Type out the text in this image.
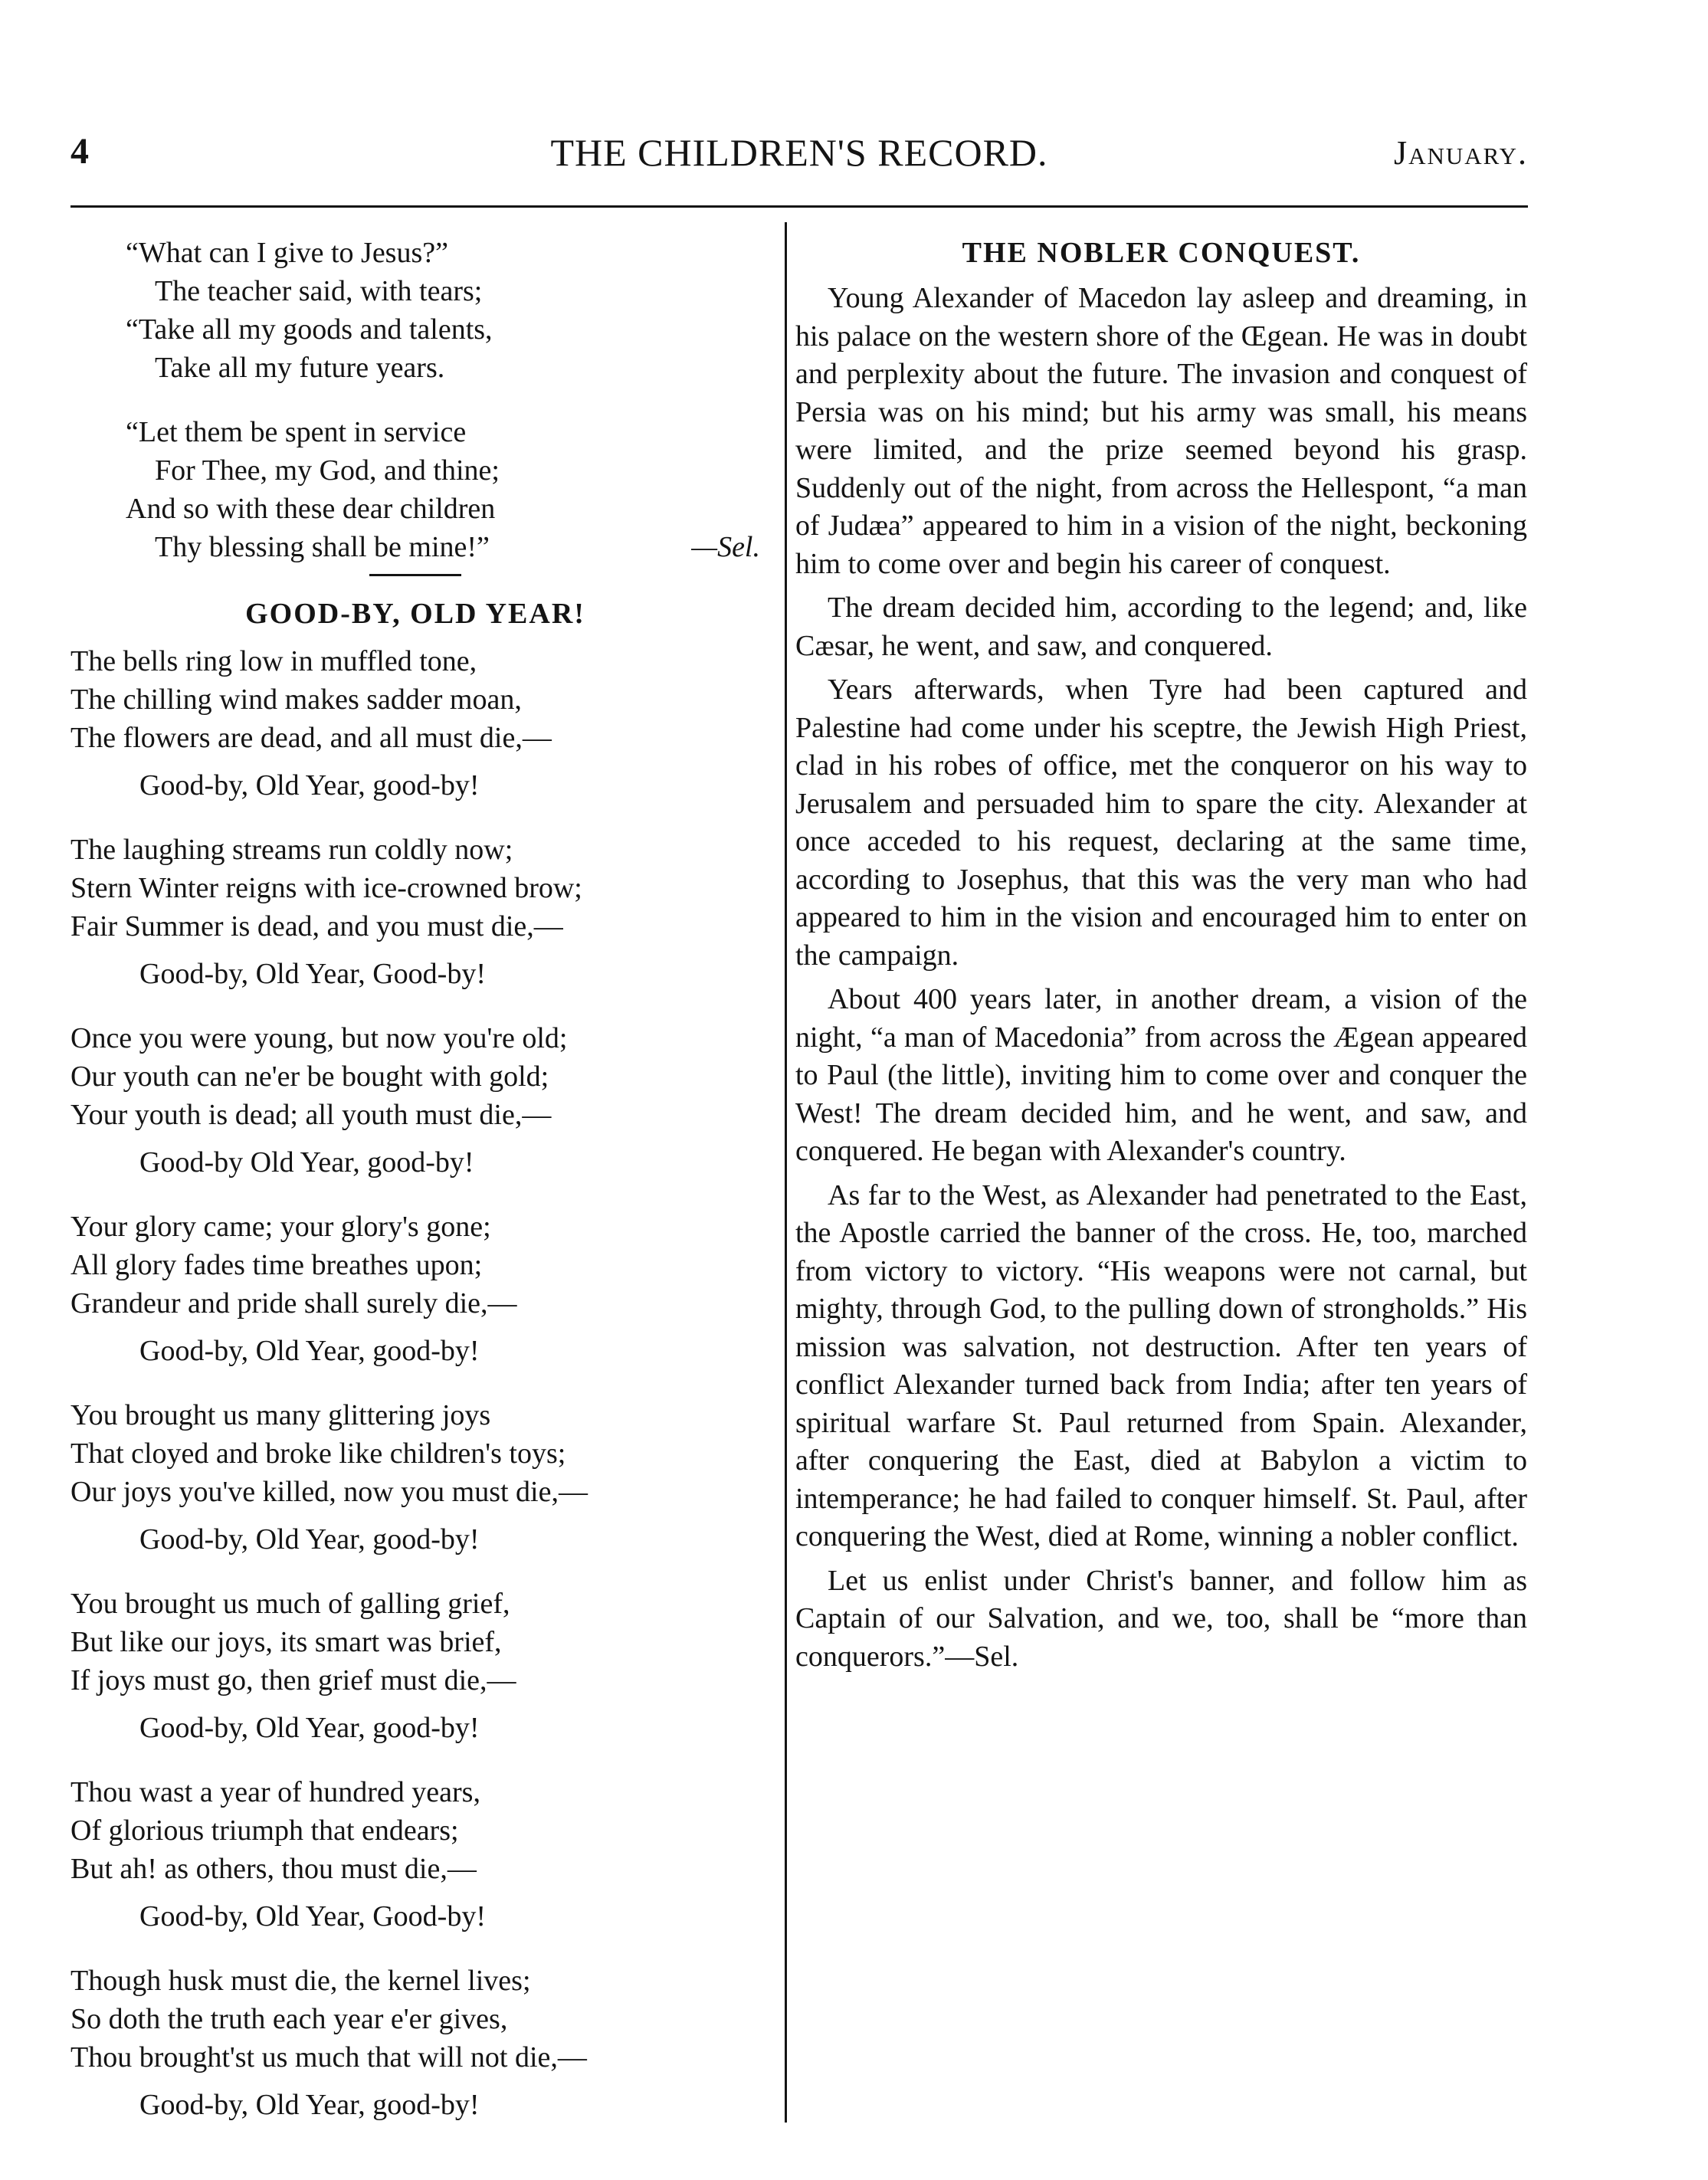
4	THE CHILDREN'S RECORD.	January.
“What can I give to Jesus?”
The teacher said, with tears;
“Take all my goods and talents,
Take all my future years.
“Let them be spent in service
For Thee, my God, and thine;
And so with these dear children
Thy blessing shall be mine!”	—Sel.
GOOD-BY, OLD YEAR!
The bells ring low in muffled tone,
The chilling wind makes sadder moan,
The flowers are dead, and all must die,—
Good-by, Old Year, good-by!
The laughing streams run coldly now;
Stern Winter reigns with ice-crowned brow;
Fair Summer is dead, and you must die,—
Good-by, Old Year, Good-by!
Once you were young, but now you're old;
Our youth can ne'er be bought with gold;
Your youth is dead; all youth must die,—
Good-by Old Year, good-by!
Your glory came; your glory's gone;
All glory fades time breathes upon;
Grandeur and pride shall surely die,—
Good-by, Old Year, good-by!
You brought us many glittering joys
That cloyed and broke like children's toys;
Our joys you've killed, now you must die,—
Good-by, Old Year, good-by!
You brought us much of galling grief,
But like our joys, its smart was brief,
If joys must go, then grief must die,—
Good-by, Old Year, good-by!
Thou wast a year of hundred years,
Of glorious triumph that endears;
But ah! as others, thou must die,—
Good-by, Old Year, Good-by!
Though husk must die, the kernel lives;
So doth the truth each year e'er gives,
Thou brought'st us much that will not die,—
Good-by, Old Year, good-by!
THE NOBLER CONQUEST.

Young Alexander of Macedon lay asleep and dreaming, in his palace on the western shore of the Œgean. He was in doubt and perplexity about the future. The invasion and conquest of Persia was on his mind; but his army was small, his means were limited, and the prize seemed beyond his grasp. Suddenly out of the night, from across the Hellespont, “a man of Judæa” appeared to him in a vision of the night, beckoning him to come over and begin his career of conquest.

The dream decided him, according to the legend; and, like Cæsar, he went, and saw, and conquered.

Years afterwards, when Tyre had been captured and Palestine had come under his sceptre, the Jewish High Priest, clad in his robes of office, met the conqueror on his way to Jerusalem and persuaded him to spare the city. Alexander at once acceded to his request, declaring at the same time, according to Josephus, that this was the very man who had appeared to him in the vision and encouraged him to enter on the campaign.

About 400 years later, in another dream, a vision of the night, “a man of Macedonia” from across the Ægean appeared to Paul (the little), inviting him to come over and conquer the West! The dream decided him, and he went, and saw, and conquered. He began with Alexander's country.

As far to the West, as Alexander had penetrated to the East, the Apostle carried the banner of the cross. He, too, marched from victory to victory. “His weapons were not carnal, but mighty, through God, to the pulling down of strongholds.” His mission was salvation, not destruction. After ten years of conflict Alexander turned back from India; after ten years of spiritual warfare St. Paul returned from Spain. Alexander, after conquering the East, died at Babylon a victim to intemperance; he had failed to conquer himself. St. Paul, after conquering the West, died at Rome, winning a nobler conflict.

Let us enlist under Christ's banner, and follow him as Captain of our Salvation, and we, too, shall be “more than conquerors.”—Sel.
